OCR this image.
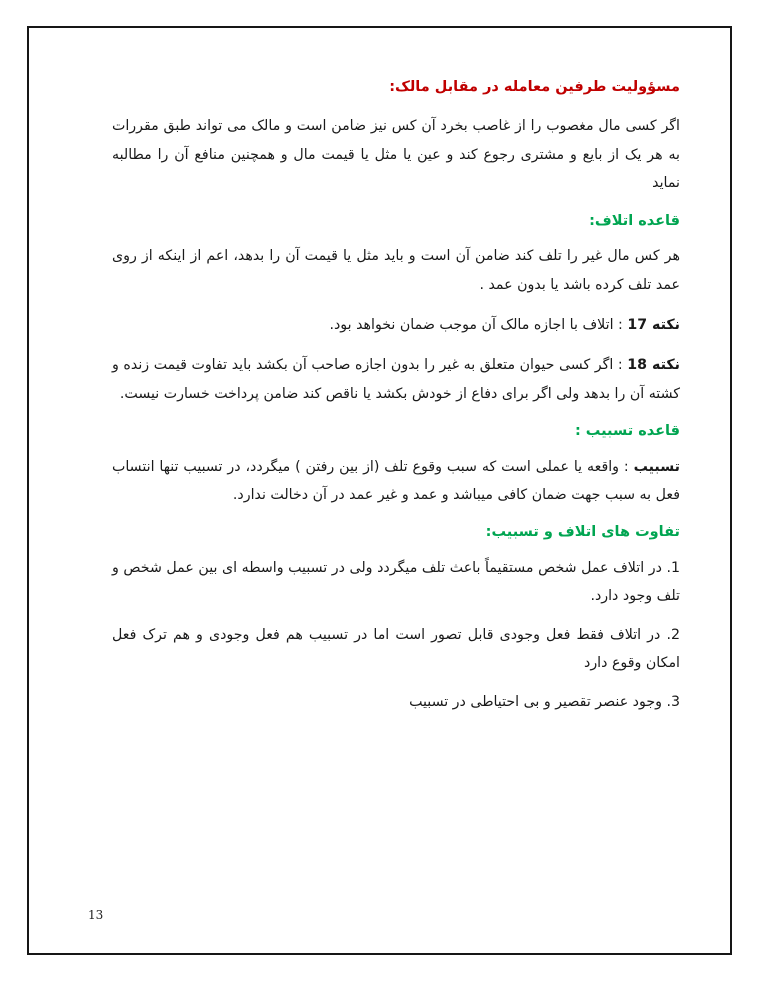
مسؤولیت طرفین معامله در مقابل مالک:

اگر کسی مال مغصوب را از غاصب بخرد آن کس نیز ضامن است و مالک می تواند طبق مقررات به هر یک از بایع و مشتری رجوع کند و عین یا مثل یا قیمت مال و همچنین منافع آن را مطالبه نماید

قاعده اتلاف:

هر کس مال غیر را تلف کند ضامن آن است و باید مثل یا قیمت آن را بدهد، اعم از اینکه از روی عمد تلف کرده باشد یا بدون عمد .

نکته 17 : اتلاف با اجازه مالک آن موجب ضمان نخواهد بود.

نکته 18 : اگر کسی حیوان متعلق به غیر را بدون اجازه صاحب آن بکشد باید تفاوت قیمت زنده و کشته آن را بدهد ولی اگر برای دفاع از خودش بکشد یا ناقص کند ضامن پرداخت خسارت نیست.

قاعده تسبیب :

تسبیب : واقعه یا عملی است که سبب وقوع تلف (از بین رفتن ) میگردد، در تسبیب تنها انتساب فعل به سبب جهت ضمان کافی میباشد و عمد و غیر عمد در آن دخالت ندارد.

تفاوت های اتلاف و تسبیب:

1. در اتلاف عمل شخص مستقیماً باعث تلف میگردد ولی در تسبیب واسطه ای بین عمل شخص و تلف وجود دارد.

2. در اتلاف فقط فعل وجودی قابل تصور است اما در تسبیب هم فعل وجودی و هم ترک فعل امکان وقوع دارد

3. وجود عنصر تقصیر و بی احتیاطی در تسبیب

13
